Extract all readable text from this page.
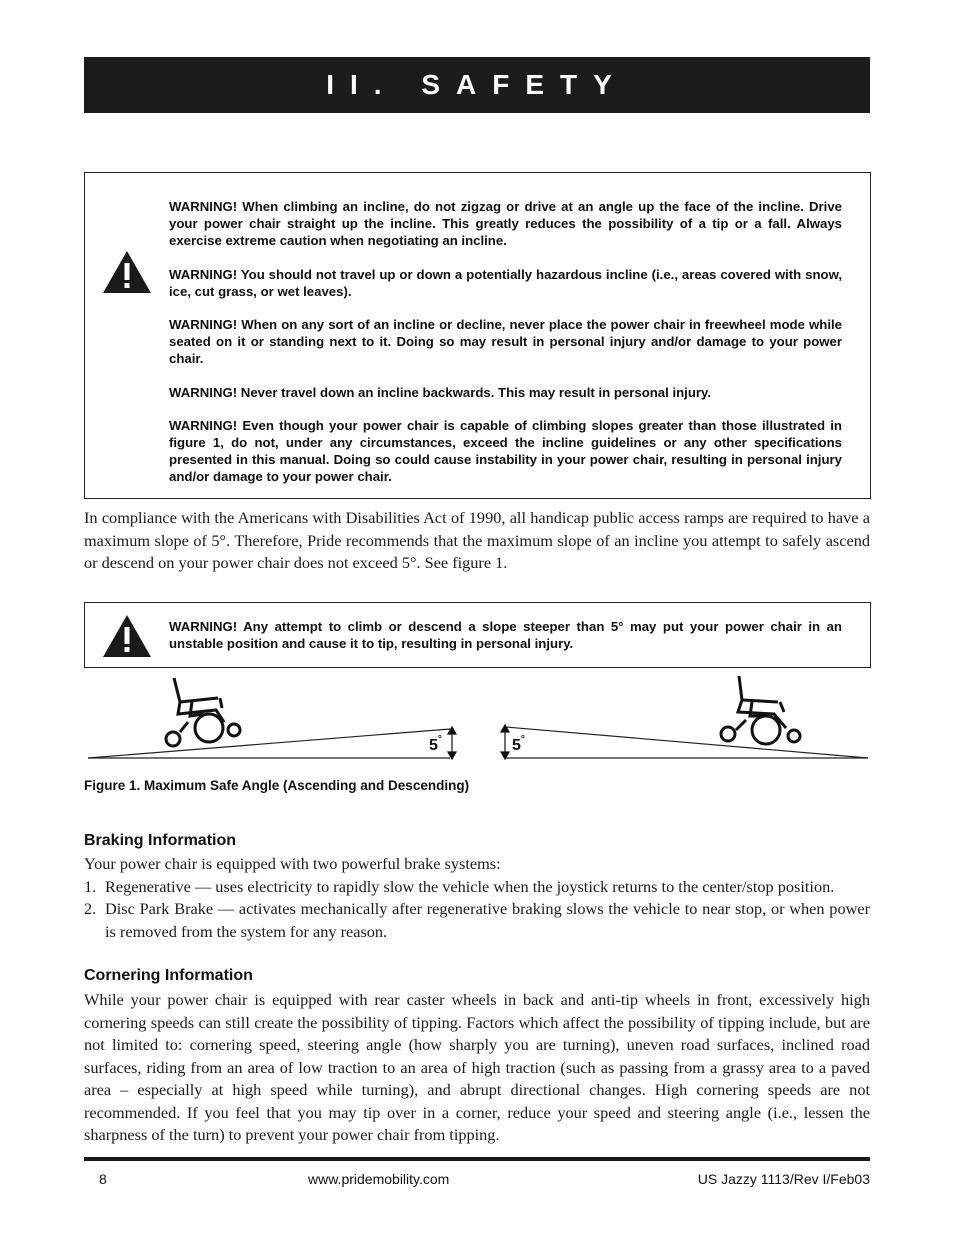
II. SAFETY

WARNING! When climbing an incline, do not zigzag or drive at an angle up the face of the incline. Drive your power chair straight up the incline. This greatly reduces the possibility of a tip or a fall. Always exercise extreme caution when negotiating an incline.

WARNING! You should not travel up or down a potentially hazardous incline (i.e., areas covered with snow, ice, cut grass, or wet leaves).

WARNING! When on any sort of an incline or decline, never place the power chair in freewheel mode while seated on it or standing next to it. Doing so may result in personal injury and/or damage to your power chair.

WARNING! Never travel down an incline backwards. This may result in personal injury.

WARNING! Even though your power chair is capable of climbing slopes greater than those illustrated in figure 1, do not, under any circumstances, exceed the incline guidelines or any other specifications presented in this manual. Doing so could cause instability in your power chair, resulting in personal injury and/or damage to your power chair.

In compliance with the Americans with Disabilities Act of 1990, all handicap public access ramps are required to have a maximum slope of 5°. Therefore, Pride recommends that the maximum slope of an incline you attempt to safely ascend or descend on your power chair does not exceed 5°. See figure 1.

WARNING! Any attempt to climb or descend a slope steeper than 5° may put your power chair in an unstable position and cause it to tip, resulting in personal injury.

5°	5°
Figure 1. Maximum Safe Angle (Ascending and Descending)
Braking Information

Your power chair is equipped with two powerful brake systems:

1. Regenerative — uses electricity to rapidly slow the vehicle when the joystick returns to the center/stop position.
2. Disc Park Brake — activates mechanically after regenerative braking slows the vehicle to near stop, or when power is removed from the system for any reason.
Cornering Information

While your power chair is equipped with rear caster wheels in back and anti-tip wheels in front, excessively high cornering speeds can still create the possibility of tipping. Factors which affect the possibility of tipping include, but are not limited to: cornering speed, steering angle (how sharply you are turning), uneven road surfaces, inclined road surfaces, riding from an area of low traction to an area of high traction (such as passing from a grassy area to a paved area – especially at high speed while turning), and abrupt directional changes. High cornering speeds are not recommended. If you feel that you may tip over in a corner, reduce your speed and steering angle (i.e., lessen the sharpness of the turn) to prevent your power chair from tipping.

8	www.pridemobility.com	US Jazzy 1113/Rev I/Feb03
